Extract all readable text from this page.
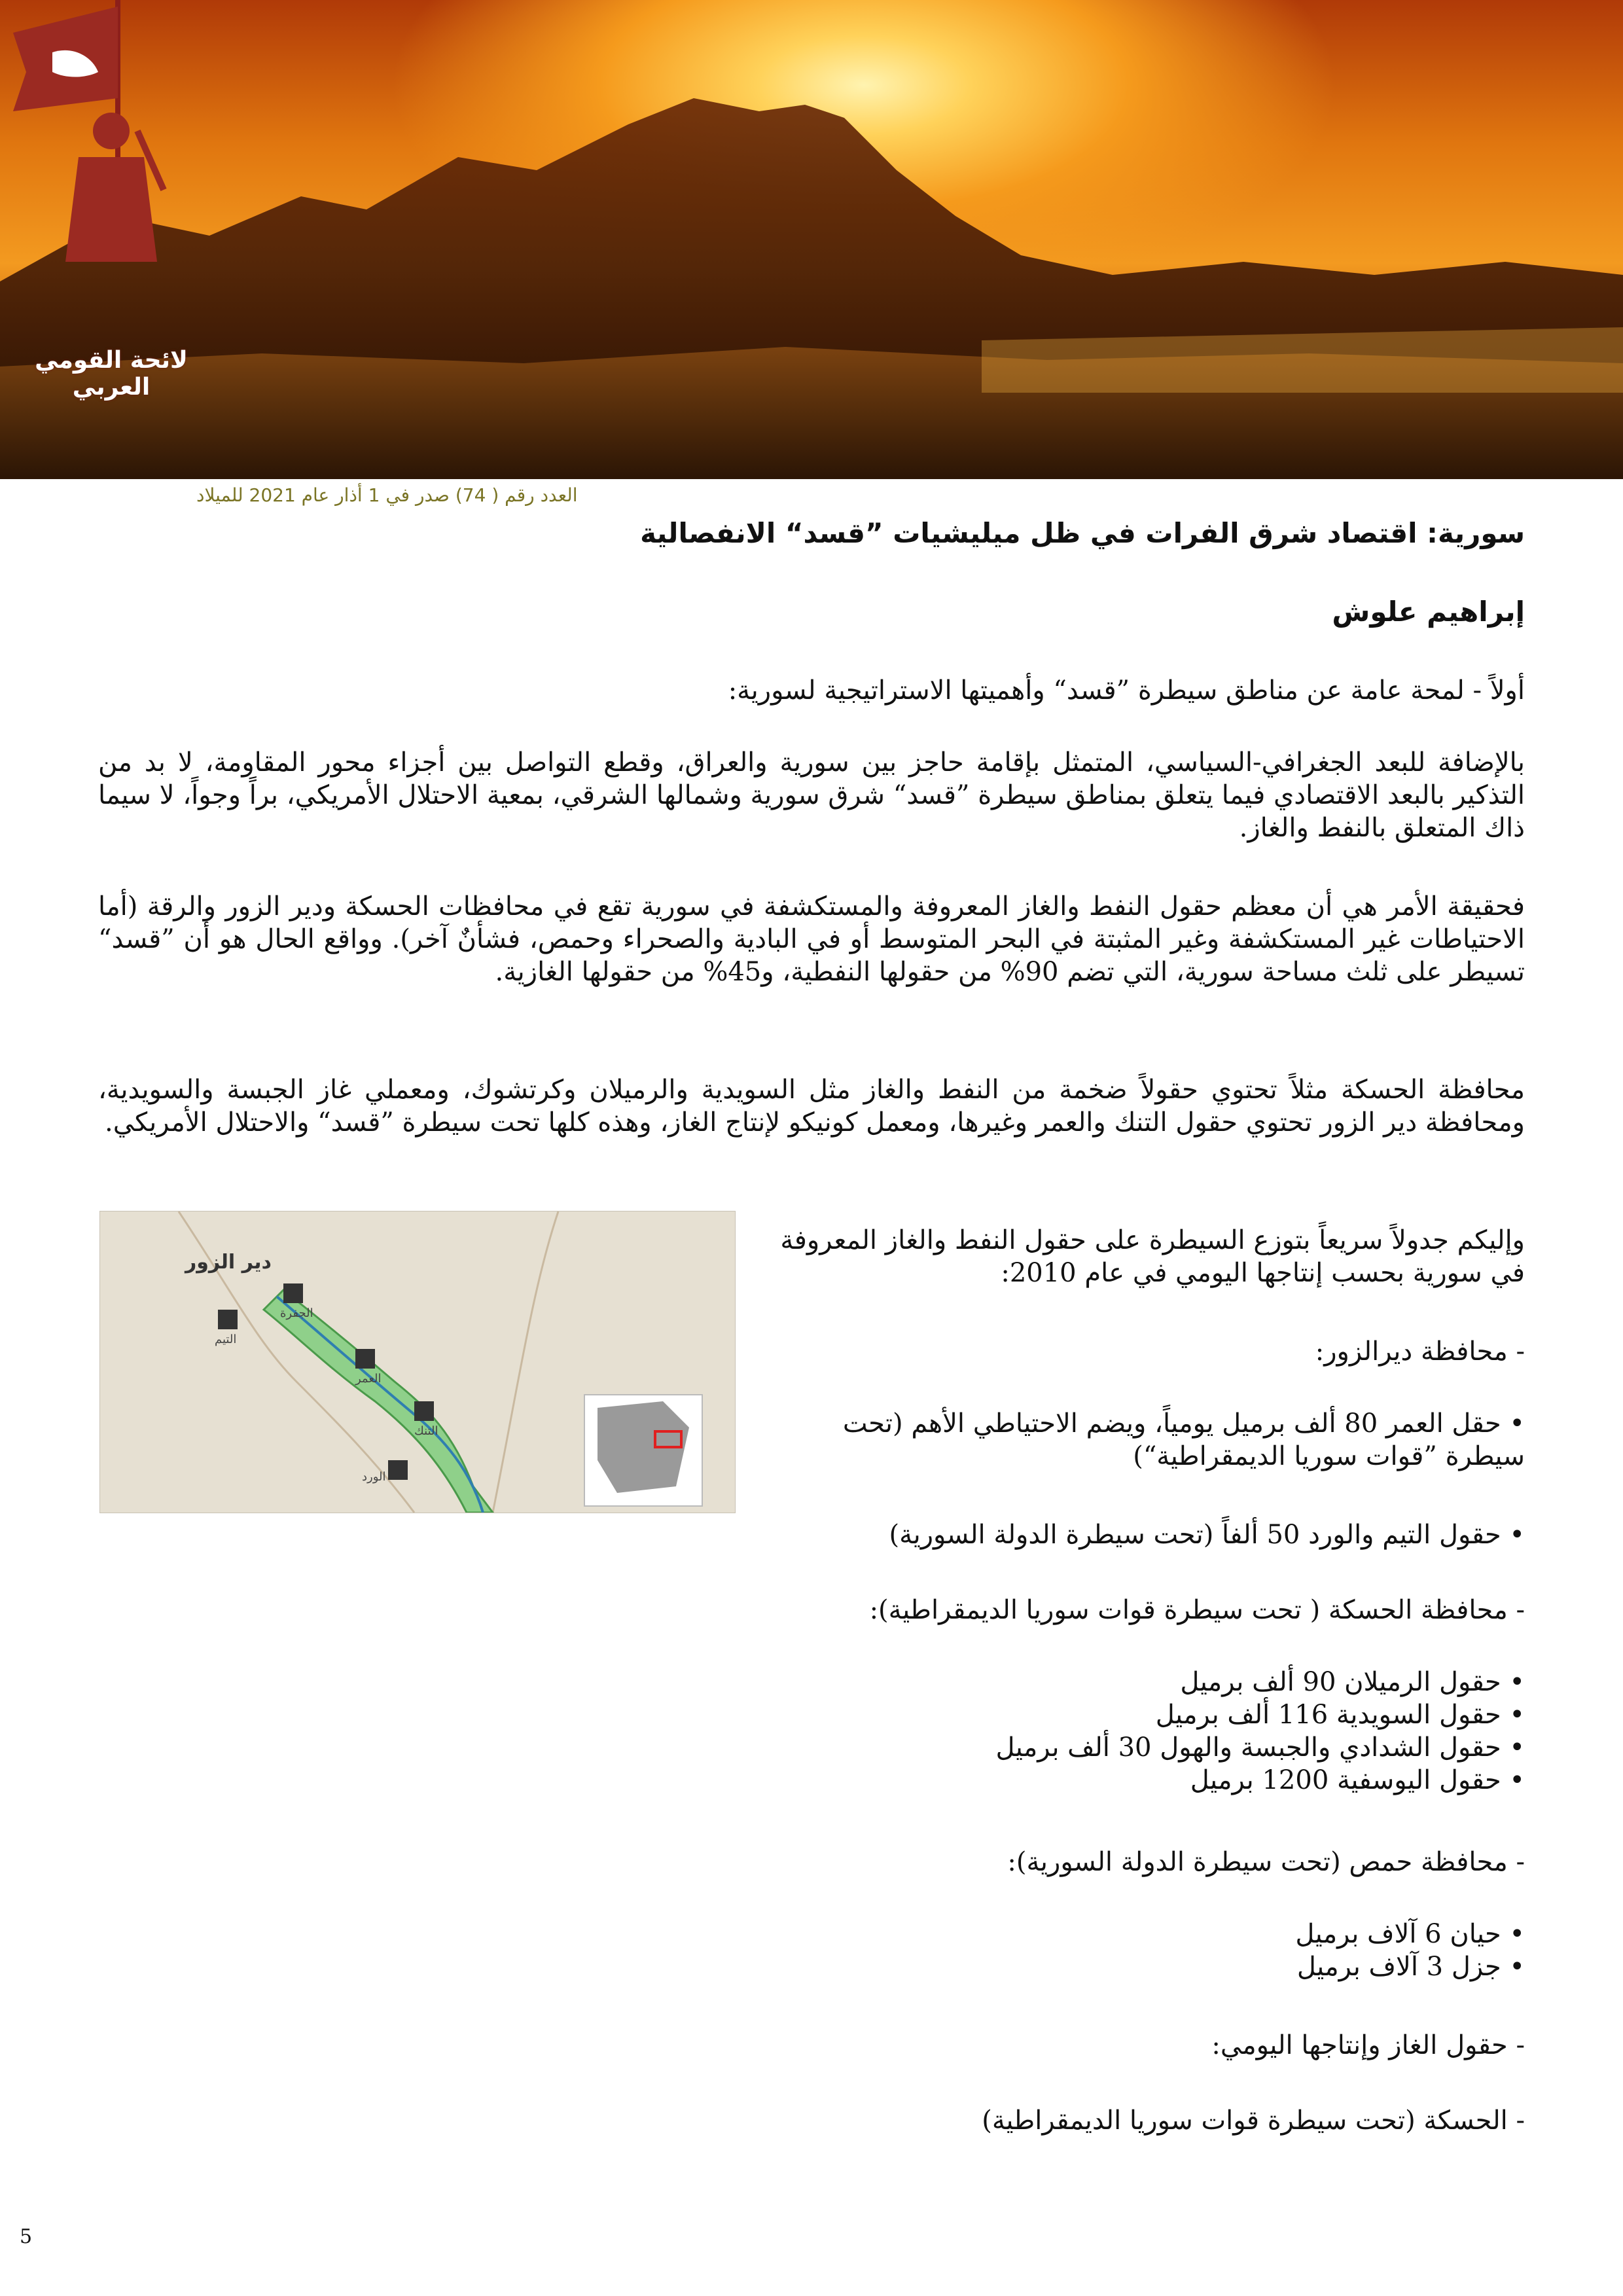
لائحة القومي العربي
العدد رقم ( 74) صدر في 1 أذار عام 2021 للميلاد
سورية: اقتصاد شرق الفرات في ظل ميليشيات ”قسد“ الانفصالية
إبراهيم علوش
أولاً - لمحة عامة عن مناطق سيطرة ”قسد“ وأهميتها الاستراتيجية لسورية:
بالإضافة للبعد الجغرافي-السياسي، المتمثل بإقامة حاجز بين سورية والعراق، وقطع التواصل بين أجزاء محور المقاومة، لا بد من التذكير بالبعد الاقتصادي فيما يتعلق بمناطق سيطرة ”قسد“ شرق سورية وشمالها الشرقي، بمعية الاحتلال الأمريكي، براً وجواً، لا سيما ذاك المتعلق بالنفط والغاز.
فحقيقة الأمر هي أن معظم حقول النفط والغاز المعروفة والمستكشفة في سورية تقع في محافظات الحسكة ودير الزور والرقة (أما الاحتياطات غير المستكشفة وغير المثبتة في البحر المتوسط أو في البادية والصحراء وحمص، فشأنٌ آخر). وواقع الحال هو أن ”قسد“ تسيطر على ثلث مساحة سورية، التي تضم 90% من حقولها النفطية، و45% من حقولها الغازية.
محافظة الحسكة مثلاً تحتوي حقولاً ضخمة من النفط والغاز مثل السويدية والرميلان وكرتشوك، ومعملي غاز الجبسة والسويدية، ومحافظة دير الزور تحتوي حقول التنك والعمر وغيرها، ومعمل كونيكو لإنتاج الغاز، وهذه كلها تحت سيطرة ”قسد“ والاحتلال الأمريكي.
دير الزور
التيم
الجفرة
العمر
التنك
الورد
وإليكم جدولاً سريعاً بتوزع السيطرة على حقول النفط والغاز المعروفة في سورية بحسب إنتاجها اليومي في عام 2010:
- محافظة ديرالزور:
• حقل العمر 80 ألف برميل يومياً، ويضم الاحتياطي الأهم (تحت سيطرة ”قوات سوريا الديمقراطية“)
• حقول التيم والورد 50 ألفاً (تحت سيطرة الدولة السورية)
- محافظة الحسكة ( تحت سيطرة قوات سوريا الديمقراطية):
• حقول الرميلان 90 ألف برميل
• حقول السويدية 116 ألف برميل
• حقول الشدادي والجبسة والهول 30 ألف برميل
• حقول اليوسفية 1200 برميل
- محافظة حمص (تحت سيطرة الدولة السورية):
• حيان 6 آلاف برميل
• جزل 3 آلاف برميل
- حقول الغاز وإنتاجها اليومي:
- الحسكة (تحت سيطرة قوات سوريا الديمقراطية)
5
